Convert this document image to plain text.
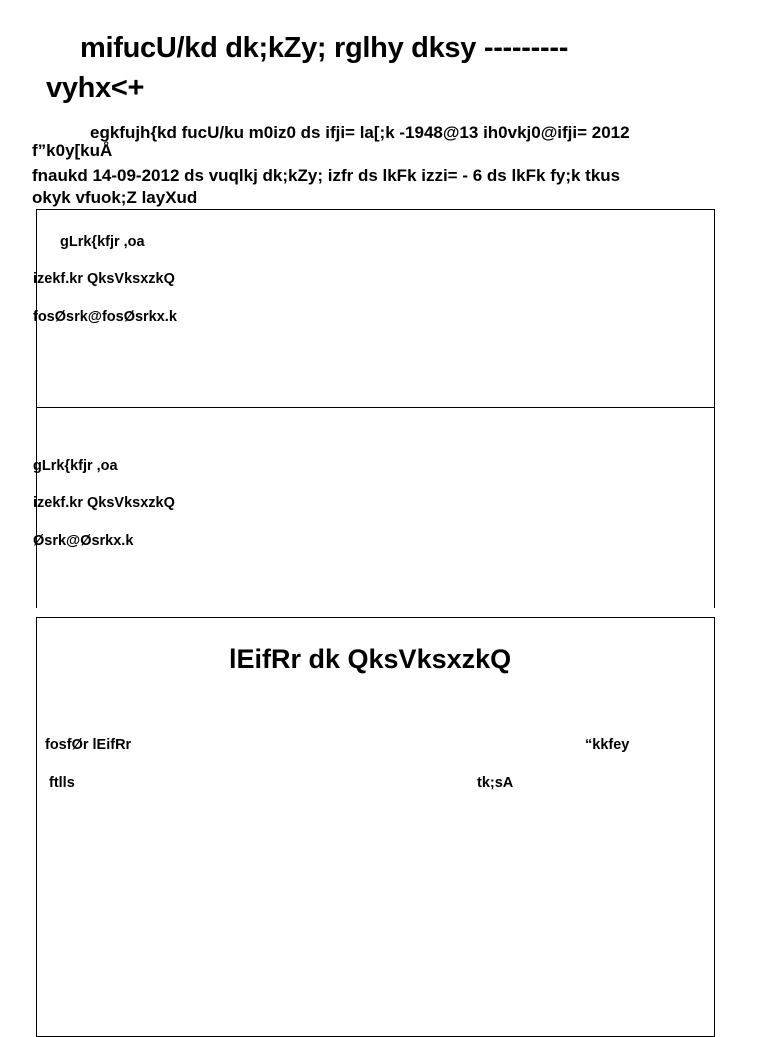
mifucU/kd dk;kZy; rglhy dksy ---------
vyhx<+
egkfujh{kd fucU/ku m0iz0 ds ifji= la[;k -1948@13 ih0vkj0@ifji= 2012
f”k0y[kuÅ
fnaukd 14-09-2012 ds vuqlkj dk;kZy; izfr ds lkFk izzi= - 6 ds lkFk fy;k tkus
okyk vfuok;Z layXud
gLrk{kfjr ,oa
izekf.kr QksVksxzkQ
fosØsrk@fosØsrkx.k
gLrk{kfjr ,oa
izekf.kr QksVksxzkQ
Øsrk@Øsrkx.k
lEifRr dk QksVksxzkQ
fosfØr lEifRr	“kkfey
ftlls	tk;sA
